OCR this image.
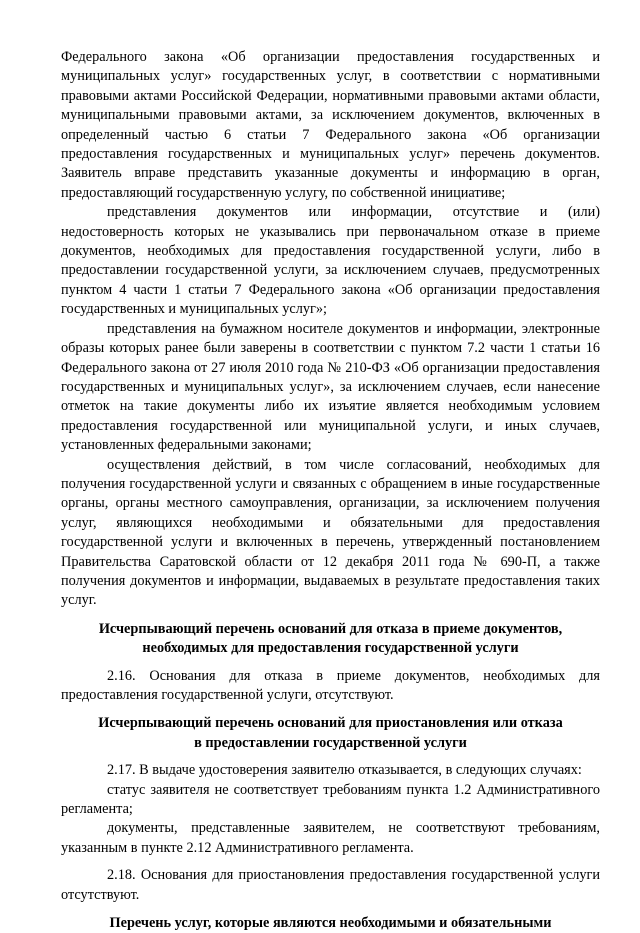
Федерального закона «Об организации предоставления государственных и муниципальных услуг» государственных услуг, в соответствии с нормативными правовыми актами Российской Федерации, нормативными правовыми актами области, муниципальными правовыми актами, за исключением документов, включенных в определенный частью 6 статьи 7 Федерального закона «Об организации предоставления государственных и муниципальных услуг» перечень документов. Заявитель вправе представить указанные документы и информацию в орган, предоставляющий государственную услугу, по собственной инициативе;

представления документов или информации, отсутствие и (или) недостоверность которых не указывались при первоначальном отказе в приеме документов, необходимых для предоставления государственной услуги, либо в предоставлении государственной услуги, за исключением случаев, предусмотренных пунктом 4 части 1 статьи 7 Федерального закона «Об организации предоставления государственных и муниципальных услуг»;

представления на бумажном носителе документов и информации, электронные образы которых ранее были заверены в соответствии с пунктом 7.2 части 1 статьи 16 Федерального закона от 27 июля 2010 года № 210-ФЗ «Об организации предоставления государственных и муниципальных услуг», за исключением случаев, если нанесение отметок на такие документы либо их изъятие является необходимым условием предоставления государственной или муниципальной услуги, и иных случаев, установленных федеральными законами;

осуществления действий, в том числе согласований, необходимых для получения государственной услуги и связанных с обращением в иные государственные органы, органы местного самоуправления, организации, за исключением получения услуг, являющихся необходимыми и обязательными для предоставления государственной услуги и включенных в перечень, утвержденный постановлением Правительства Саратовской области от 12 декабря 2011 года № 690-П, а также получения документов и информации, выдаваемых в результате предоставления таких услуг.

Исчерпывающий перечень оснований для отказа в приеме документов,
необходимых для предоставления государственной услуги

2.16. Основания для отказа в приеме документов, необходимых для предоставления государственной услуги, отсутствуют.

Исчерпывающий перечень оснований для приостановления или отказа
в предоставлении государственной услуги

2.17. В выдаче удостоверения заявителю отказывается, в следующих случаях:

статус заявителя не соответствует требованиям пункта 1.2 Административного регламента;

документы, представленные заявителем, не соответствуют требованиям, указанным в пункте 2.12 Административного регламента.

2.18. Основания для приостановления предоставления государственной услуги отсутствуют.

Перечень услуг, которые являются необходимыми и обязательными
